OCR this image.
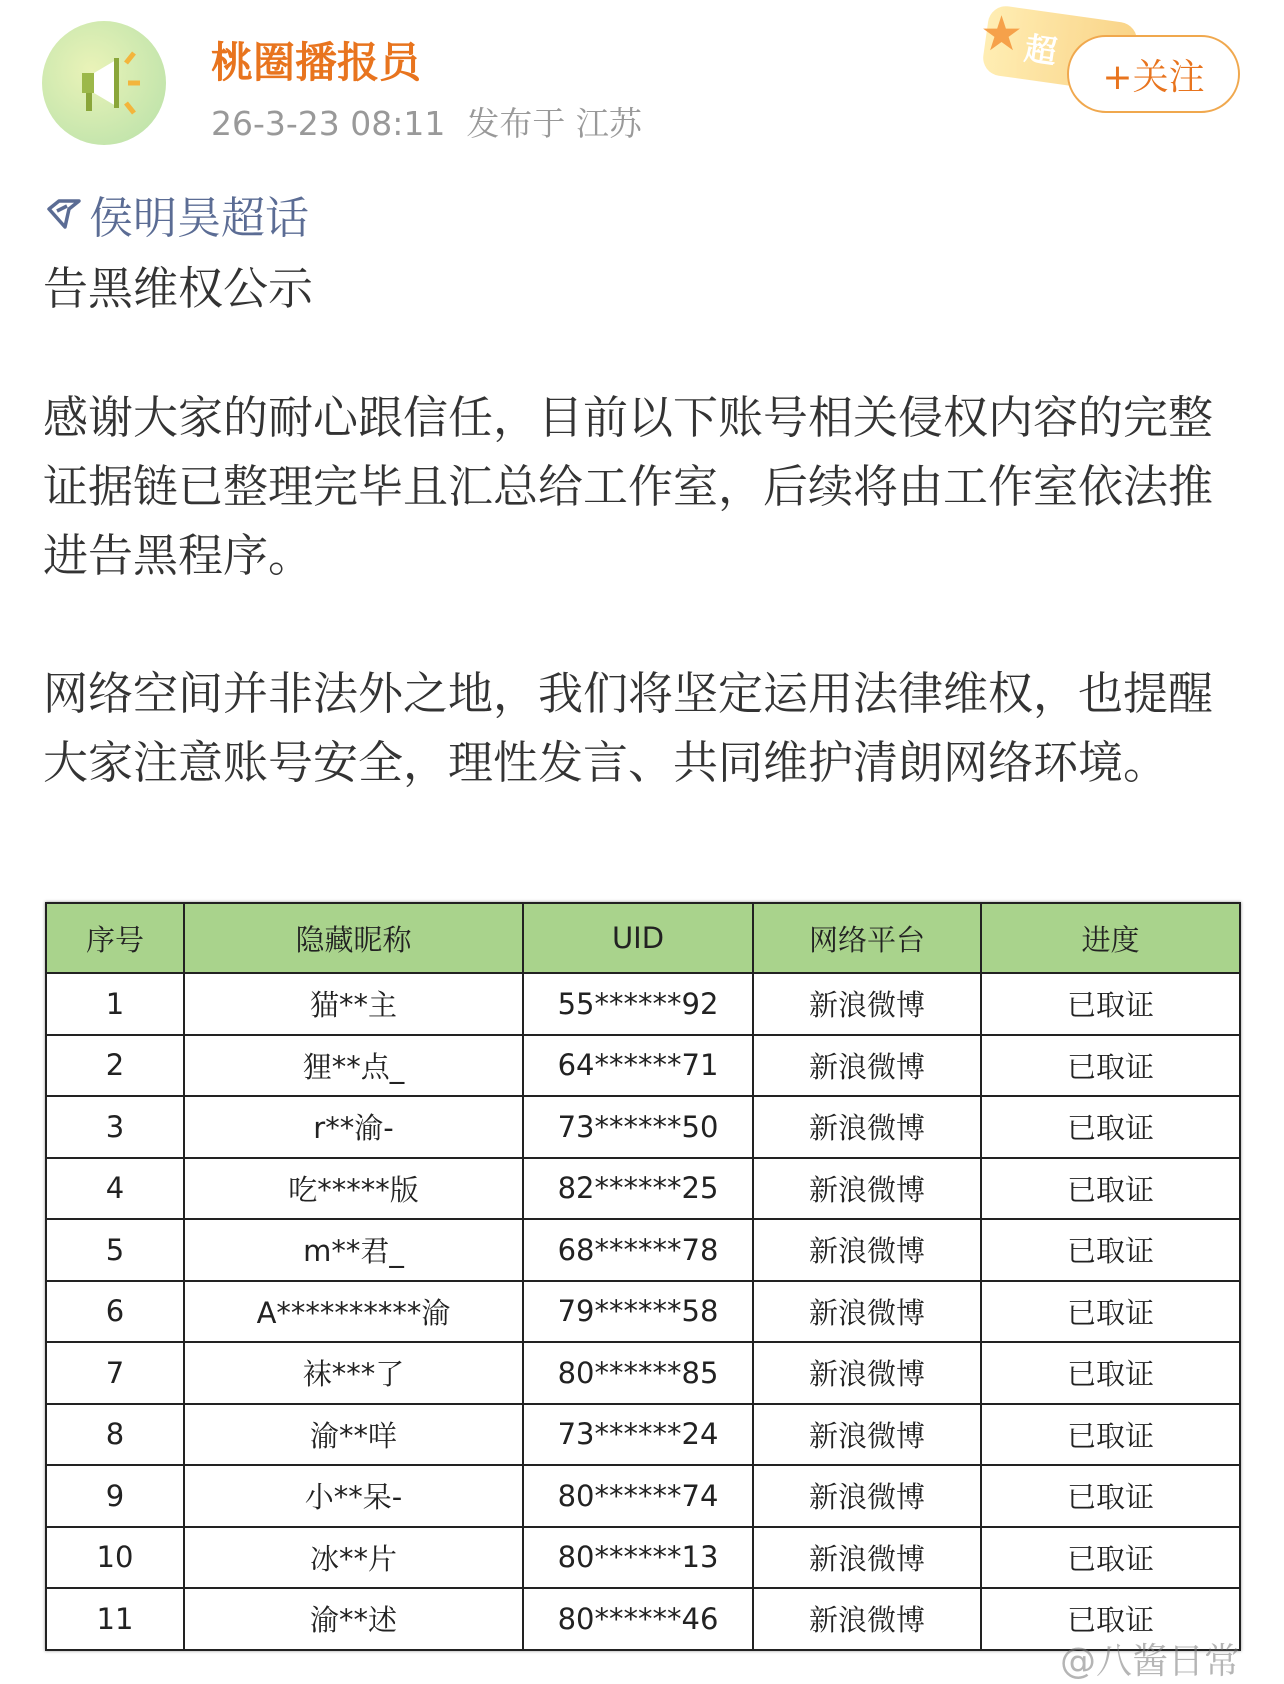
桃圈播报员
26-3-23 08:11 发布于 江苏
超
★
+关注
侯明昊超话
告黑维权公示
感谢大家的耐心跟信任，目前以下账号相关侵权内容的完整证据链已整理完毕且汇总给工作室，后续将由工作室依法推进告黑程序。
网络空间并非法外之地，我们将坚定运用法律维权，也提醒大家注意账号安全，理性发言、共同维护清朗网络环境。
序号	隐藏昵称	UID	网络平台	进度
1	猫**主	55******92	新浪微博	已取证
2	狸**点_	64******71	新浪微博	已取证
3	r**渝-	73******50	新浪微博	已取证
4	吃*****版	82******25	新浪微博	已取证
5	m**君_	68******78	新浪微博	已取证
6	A**********渝	79******58	新浪微博	已取证
7	袜***了	80******85	新浪微博	已取证
8	渝**咩	73******24	新浪微博	已取证
9	小**呆-	80******74	新浪微博	已取证
10	冰**片	80******13	新浪微博	已取证
11	渝**述	80******46	新浪微博	已取证
@八酱日常
